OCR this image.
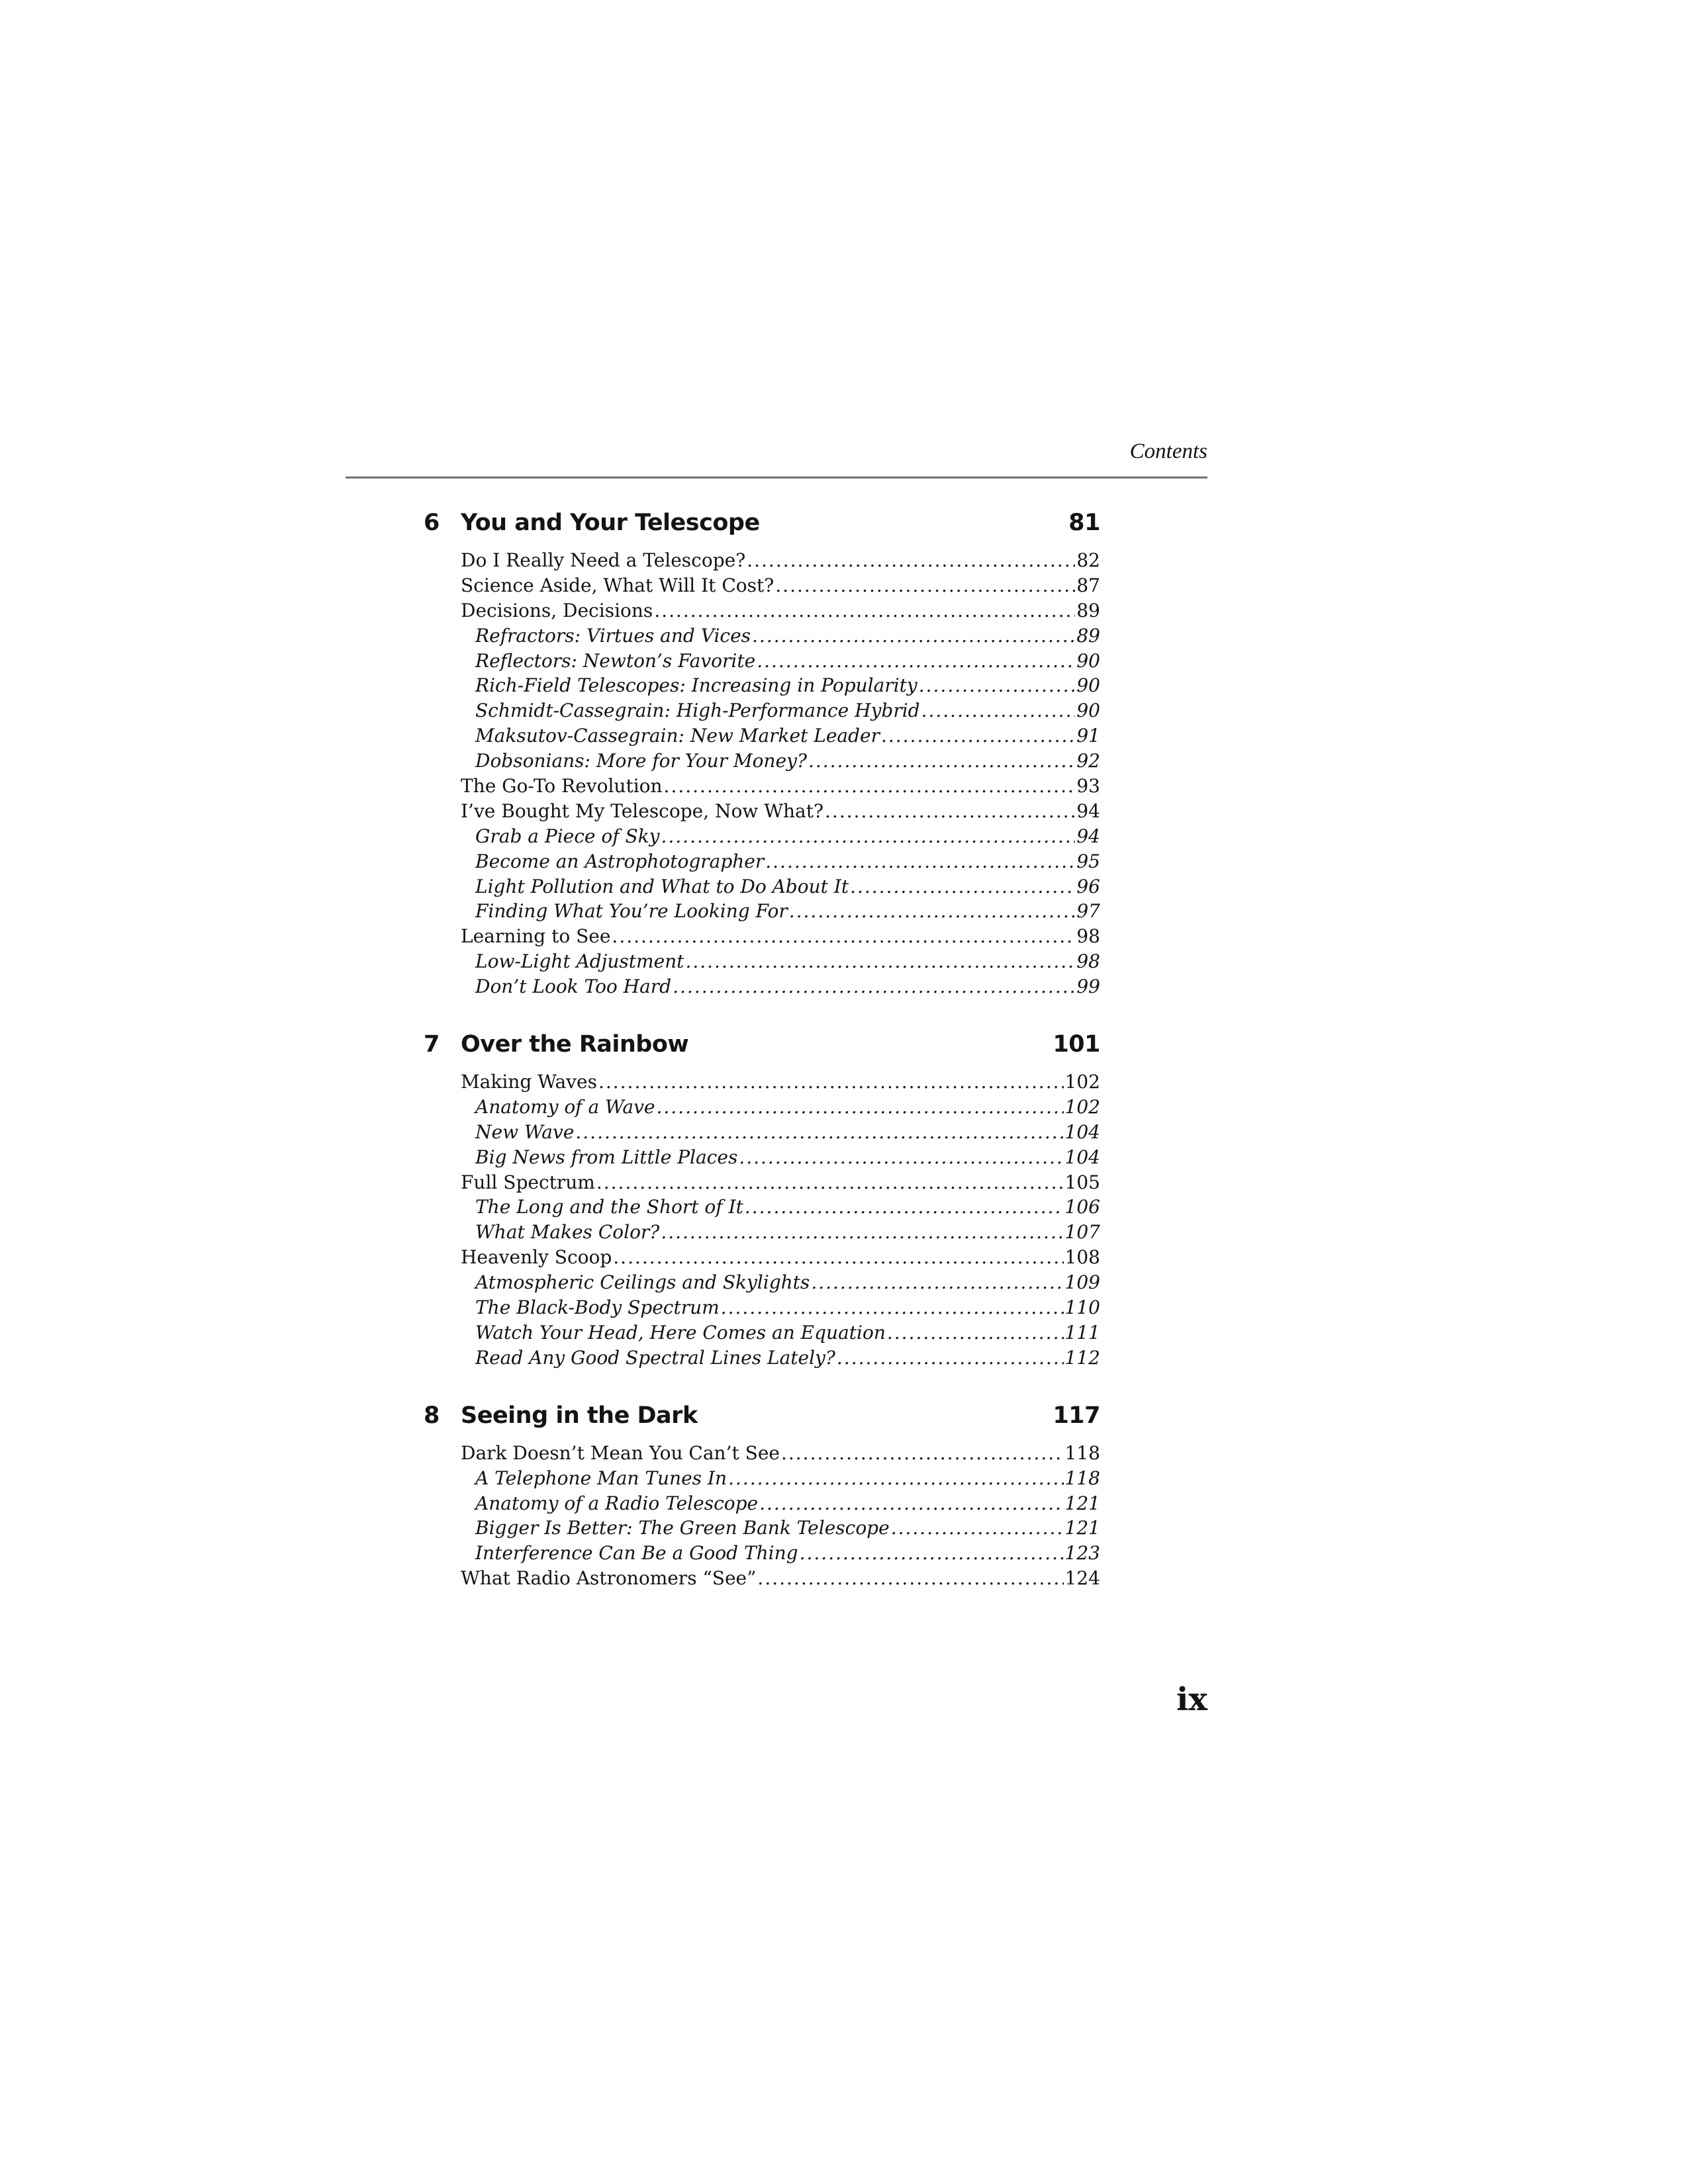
Contents
6 You and Your Telescope	81
Do I Really Need a Telescope? .....	82
Science Aside, What Will It Cost? .....	87
Decisions, Decisions .....	89
Refractors: Virtues and Vices .....	89
Reflectors: Newton’s Favorite .....	90
Rich-Field Telescopes: Increasing in Popularity .....	90
Schmidt-Cassegrain: High-Performance Hybrid .....	90
Maksutov-Cassegrain: New Market Leader .....	91
Dobsonians: More for Your Money? .....	92
The Go-To Revolution .....	93
I’ve Bought My Telescope, Now What? .....	94
Grab a Piece of Sky .....	94
Become an Astrophotographer .....	95
Light Pollution and What to Do About It .....	96
Finding What You’re Looking For .....	97
Learning to See .....	98
Low-Light Adjustment .....	98
Don’t Look Too Hard .....	99
7 Over the Rainbow	101
Making Waves .....	102
Anatomy of a Wave .....	102
New Wave .....	104
Big News from Little Places .....	104
Full Spectrum .....	105
The Long and the Short of It .....	106
What Makes Color? .....	107
Heavenly Scoop .....	108
Atmospheric Ceilings and Skylights .....	109
The Black-Body Spectrum .....	110
Watch Your Head, Here Comes an Equation .....	111
Read Any Good Spectral Lines Lately? .....	112
8 Seeing in the Dark	117
Dark Doesn’t Mean You Can’t See .....	118
A Telephone Man Tunes In .....	118
Anatomy of a Radio Telescope .....	121
Bigger Is Better: The Green Bank Telescope .....	121
Interference Can Be a Good Thing .....	123
What Radio Astronomers “See” .....	124
ix
